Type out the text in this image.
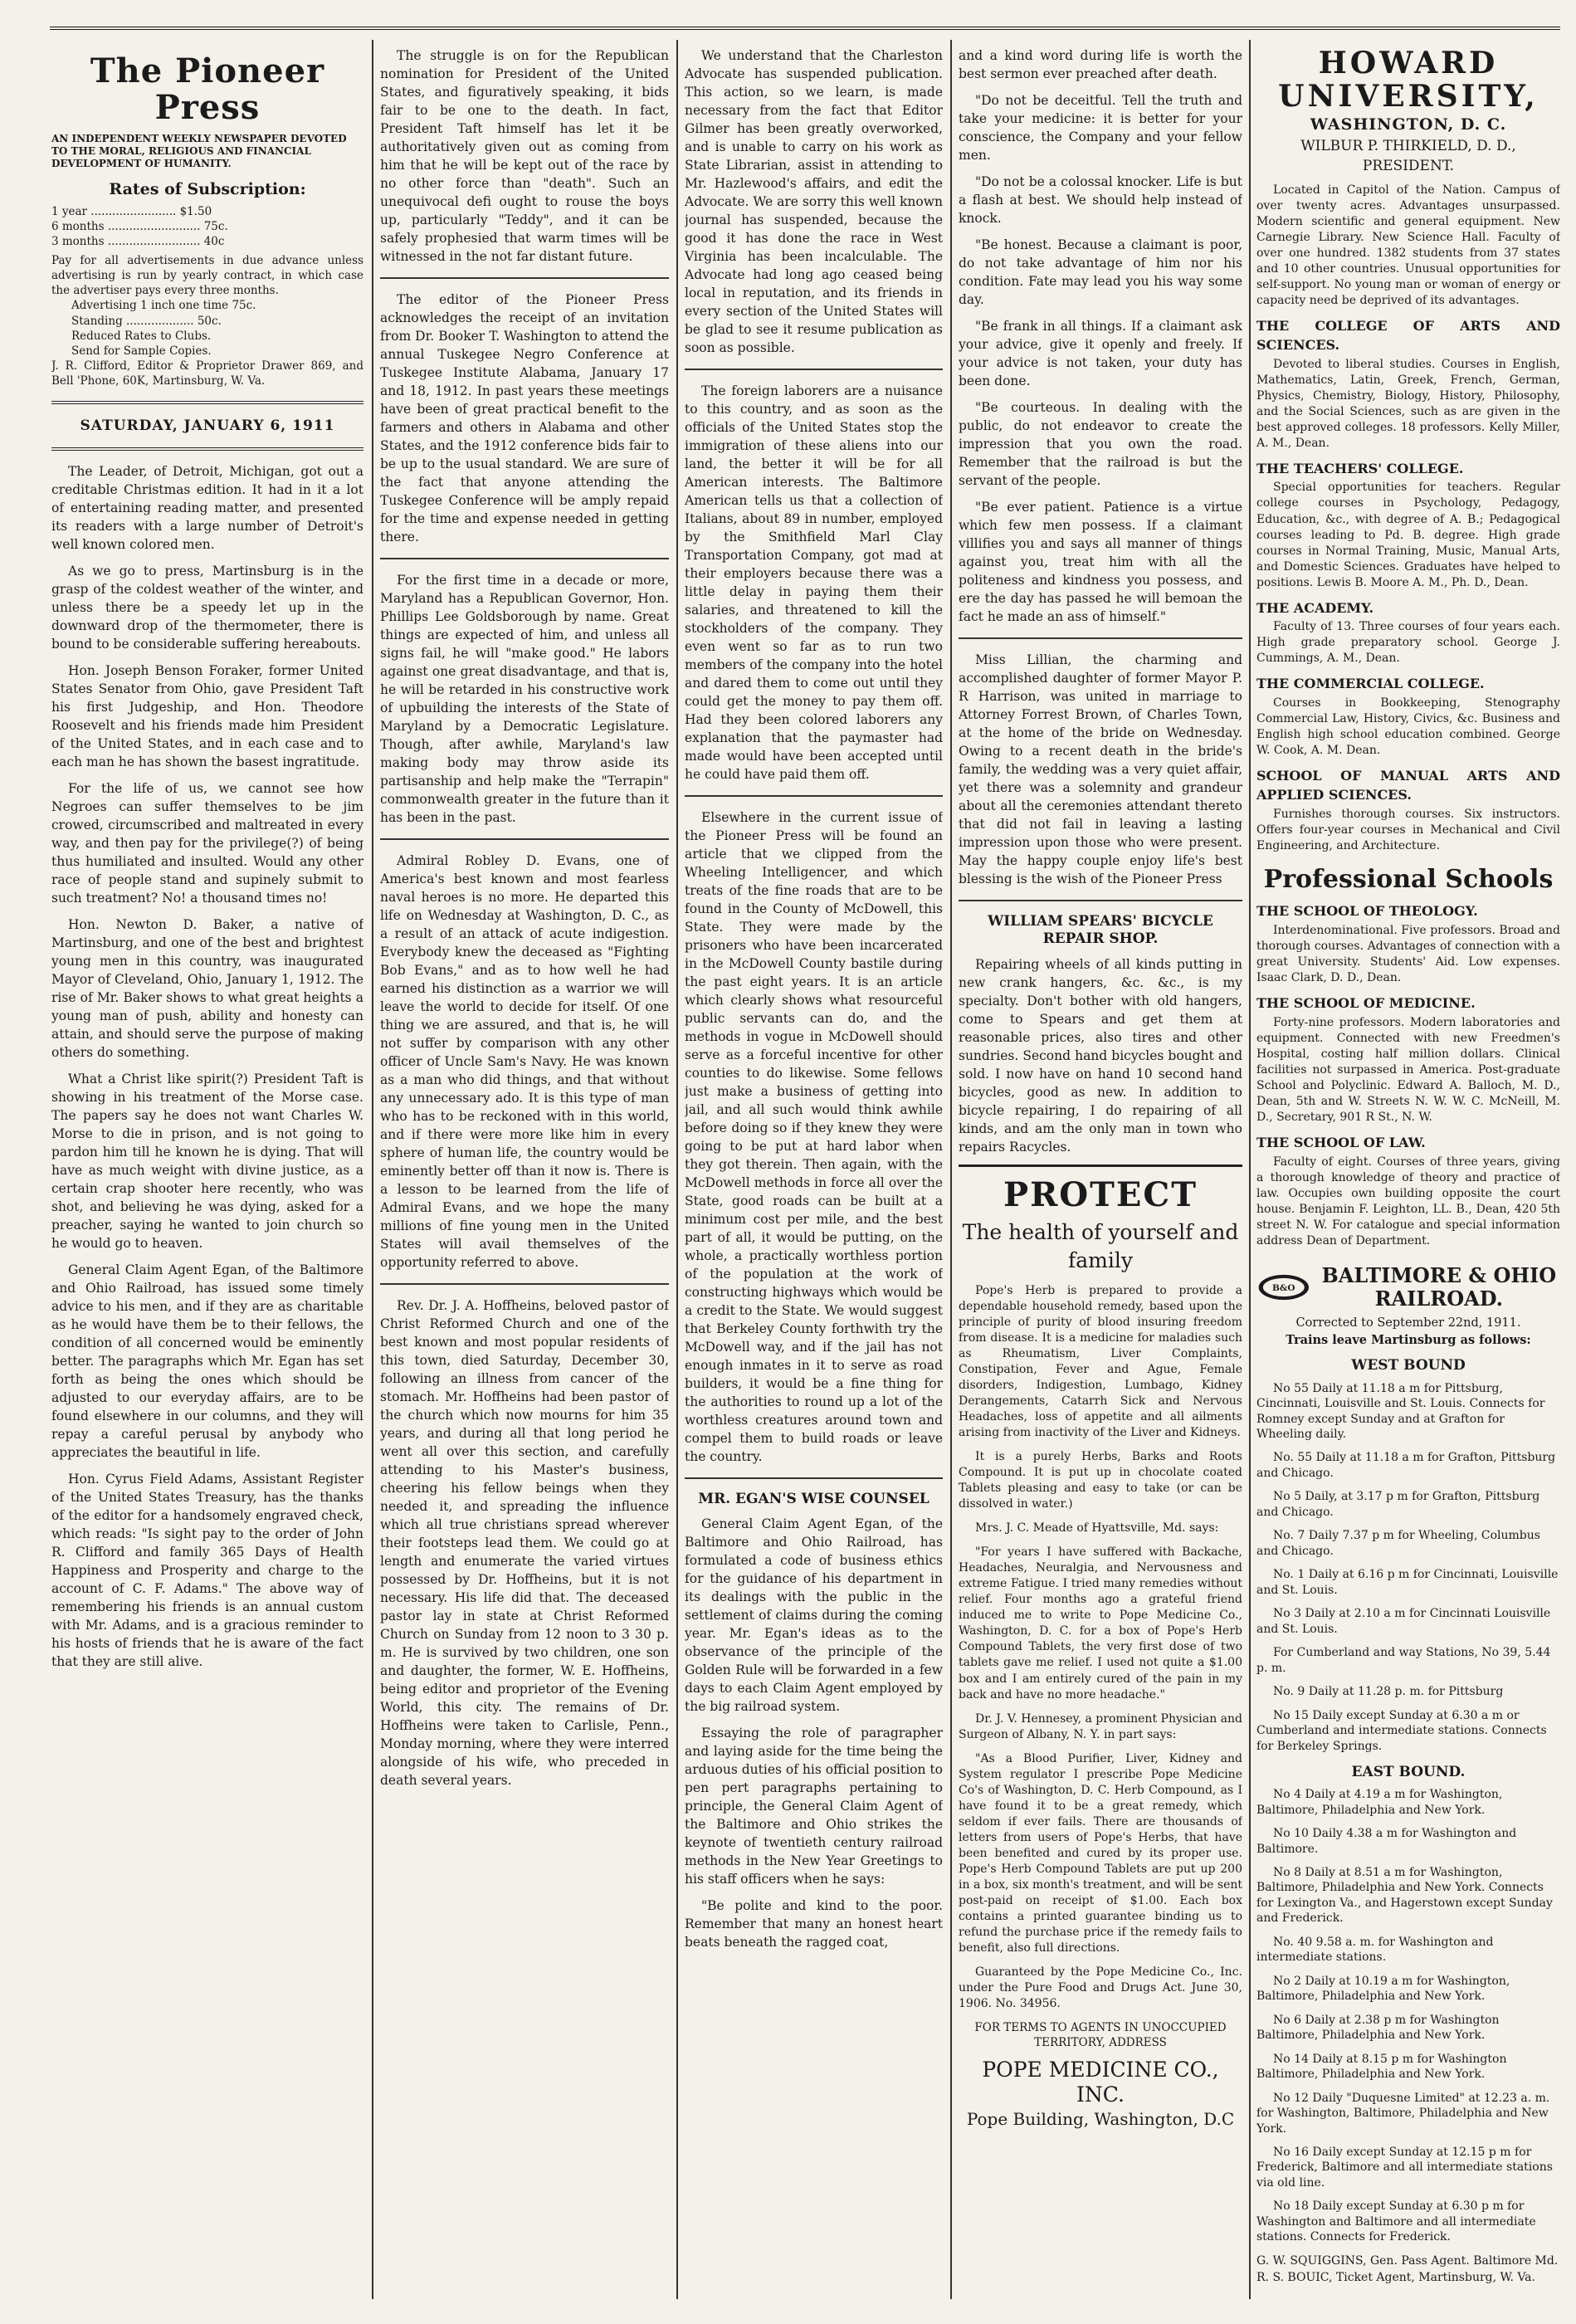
The Pioneer Press
AN INDEPENDENT WEEKLY NEWSPAPER DEVOTED TO THE MORAL, RELIGIOUS AND FINANCIAL DEVELOPMENT OF HUMANITY.
Rates of Subscription:
1 year ........................ $1.50
6 months .......................... 75c.
3 months .......................... 40c
Pay for all advertisements in due advance unless advertising is run by yearly contract, in which case the advertiser pays every three months.
Advertising 1 inch one time 75c.
Standing ................... 50c.
Reduced Rates to Clubs.
Send for Sample Copies.
J. R. Clifford, Editor & Proprietor Drawer 869, and Bell 'Phone, 60K, Martinsburg, W. Va.
SATURDAY, JANUARY 6, 1911

The Leader, of Detroit, Michigan, got out a creditable Christmas edition. It had in it a lot of entertaining reading matter, and presented its readers with a large number of Detroit's well known colored men.

As we go to press, Martinsburg is in the grasp of the coldest weather of the winter, and unless there be a speedy let up in the downward drop of the thermometer, there is bound to be considerable suffering hereabouts.

Hon. Joseph Benson Foraker, former United States Senator from Ohio, gave President Taft his first Judgeship, and Hon. Theodore Roosevelt and his friends made him President of the United States, and in each case and to each man he has shown the basest ingratitude.

For the life of us, we cannot see how Negroes can suffer themselves to be jim crowed, circumscribed and maltreated in every way, and then pay for the privilege(?) of being thus humiliated and insulted. Would any other race of people stand and supinely submit to such treatment? No! a thousand times no!

Hon. Newton D. Baker, a native of Martinsburg, and one of the best and brightest young men in this country, was inaugurated Mayor of Cleveland, Ohio, January 1, 1912. The rise of Mr. Baker shows to what great heights a young man of push, ability and honesty can attain, and should serve the purpose of making others do something.

What a Christ like spirit(?) President Taft is showing in his treatment of the Morse case. The papers say he does not want Charles W. Morse to die in prison, and is not going to pardon him till he known he is dying. That will have as much weight with divine justice, as a certain crap shooter here recently, who was shot, and believing he was dying, asked for a preacher, saying he wanted to join church so he would go to heaven.

General Claim Agent Egan, of the Baltimore and Ohio Railroad, has issued some timely advice to his men, and if they are as charitable as he would have them be to their fellows, the condition of all concerned would be eminently better. The paragraphs which Mr. Egan has set forth as being the ones which should be adjusted to our everyday affairs, are to be found elsewhere in our columns, and they will repay a careful perusal by anybody who appreciates the beautiful in life.

Hon. Cyrus Field Adams, Assistant Register of the United States Treasury, has the thanks of the editor for a handsomely engraved check, which reads: "Is sight pay to the order of John R. Clifford and family 365 Days of Health Happiness and Prosperity and charge to the account of C. F. Adams." The above way of remembering his friends is an annual custom with Mr. Adams, and is a gracious reminder to his hosts of friends that he is aware of the fact that they are still alive.

The struggle is on for the Republican nomination for President of the United States, and figuratively speaking, it bids fair to be one to the death. In fact, President Taft himself has let it be authoritatively given out as coming from him that he will be kept out of the race by no other force than "death". Such an unequivocal defi ought to rouse the boys up, particularly "Teddy", and it can be safely prophesied that warm times will be witnessed in the not far distant future.

The editor of the Pioneer Press acknowledges the receipt of an invitation from Dr. Booker T. Washington to attend the annual Tuskegee Negro Conference at Tuskegee Institute Alabama, January 17 and 18, 1912. In past years these meetings have been of great practical benefit to the farmers and others in Alabama and other States, and the 1912 conference bids fair to be up to the usual standard. We are sure of the fact that anyone attending the Tuskegee Conference will be amply repaid for the time and expense needed in getting there.

For the first time in a decade or more, Maryland has a Republican Governor, Hon. Phillips Lee Goldsborough by name. Great things are expected of him, and unless all signs fail, he will "make good." He labors against one great disadvantage, and that is, he will be retarded in his constructive work of upbuilding the interests of the State of Maryland by a Democratic Legislature. Though, after awhile, Maryland's law making body may throw aside its partisanship and help make the "Terrapin" commonwealth greater in the future than it has been in the past.

Admiral Robley D. Evans, one of America's best known and most fearless naval heroes is no more. He departed this life on Wednesday at Washington, D. C., as a result of an attack of acute indigestion. Everybody knew the deceased as "Fighting Bob Evans," and as to how well he had earned his distinction as a warrior we will leave the world to decide for itself. Of one thing we are assured, and that is, he will not suffer by comparison with any other officer of Uncle Sam's Navy. He was known as a man who did things, and that without any unnecessary ado. It is this type of man who has to be reckoned with in this world, and if there were more like him in every sphere of human life, the country would be eminently better off than it now is. There is a lesson to be learned from the life of Admiral Evans, and we hope the many millions of fine young men in the United States will avail themselves of the opportunity referred to above.

Rev. Dr. J. A. Hoffheins, beloved pastor of Christ Reformed Church and one of the best known and most popular residents of this town, died Saturday, December 30, following an illness from cancer of the stomach. Mr. Hoffheins had been pastor of the church which now mourns for him 35 years, and during all that long period he went all over this section, and carefully attending to his Master's business, cheering his fellow beings when they needed it, and spreading the influence which all true christians spread wherever their footsteps lead them. We could go at length and enumerate the varied virtues possessed by Dr. Hoffheins, but it is not necessary. His life did that. The deceased pastor lay in state at Christ Reformed Church on Sunday from 12 noon to 3 30 p. m. He is survived by two children, one son and daughter, the former, W. E. Hoffheins, being editor and proprietor of the Evening World, this city. The remains of Dr. Hoffheins were taken to Carlisle, Penn., Monday morning, where they were interred alongside of his wife, who preceded in death several years.

We understand that the Charleston Advocate has suspended publication. This action, so we learn, is made necessary from the fact that Editor Gilmer has been greatly overworked, and is unable to carry on his work as State Librarian, assist in attending to Mr. Hazlewood's affairs, and edit the Advocate. We are sorry this well known journal has suspended, because the good it has done the race in West Virginia has been incalculable. The Advocate had long ago ceased being local in reputation, and its friends in every section of the United States will be glad to see it resume publication as soon as possible.

The foreign laborers are a nuisance to this country, and as soon as the officials of the United States stop the immigration of these aliens into our land, the better it will be for all American interests. The Baltimore American tells us that a collection of Italians, about 89 in number, employed by the Smithfield Marl Clay Transportation Company, got mad at their employers because there was a little delay in paying them their salaries, and threatened to kill the stockholders of the company. They even went so far as to run two members of the company into the hotel and dared them to come out until they could get the money to pay them off. Had they been colored laborers any explanation that the paymaster had made would have been accepted until he could have paid them off.

Elsewhere in the current issue of the Pioneer Press will be found an article that we clipped from the Wheeling Intelligencer, and which treats of the fine roads that are to be found in the County of McDowell, this State. They were made by the prisoners who have been incarcerated in the McDowell County bastile during the past eight years. It is an article which clearly shows what resourceful public servants can do, and the methods in vogue in McDowell should serve as a forceful incentive for other counties to do likewise. Some fellows just make a business of getting into jail, and all such would think awhile before doing so if they knew they were going to be put at hard labor when they got therein. Then again, with the McDowell methods in force all over the State, good roads can be built at a minimum cost per mile, and the best part of all, it would be putting, on the whole, a practically worthless portion of the population at the work of constructing highways which would be a credit to the State. We would suggest that Berkeley County forthwith try the McDowell way, and if the jail has not enough inmates in it to serve as road builders, it would be a fine thing for the authorities to round up a lot of the worthless creatures around town and compel them to build roads or leave the country.

MR. EGAN'S WISE COUNSEL

General Claim Agent Egan, of the Baltimore and Ohio Railroad, has formulated a code of business ethics for the guidance of his department in its dealings with the public in the settlement of claims during the coming year. Mr. Egan's ideas as to the observance of the principle of the Golden Rule will be forwarded in a few days to each Claim Agent employed by the big railroad system.

Essaying the role of paragrapher and laying aside for the time being the arduous duties of his official position to pen pert paragraphs pertaining to principle, the General Claim Agent of the Baltimore and Ohio strikes the keynote of twentieth century railroad methods in the New Year Greetings to his staff officers when he says:

"Be polite and kind to the poor. Remember that many an honest heart beats beneath the ragged coat,

and a kind word during life is worth the best sermon ever preached after death.

"Do not be deceitful. Tell the truth and take your medicine: it is better for your conscience, the Company and your fellow men.

"Do not be a colossal knocker. Life is but a flash at best. We should help instead of knock.

"Be honest. Because a claimant is poor, do not take advantage of him nor his condition. Fate may lead you his way some day.

"Be frank in all things. If a claimant ask your advice, give it openly and freely. If your advice is not taken, your duty has been done.

"Be courteous. In dealing with the public, do not endeavor to create the impression that you own the road. Remember that the railroad is but the servant of the people.

"Be ever patient. Patience is a virtue which few men possess. If a claimant villifies you and says all manner of things against you, treat him with all the politeness and kindness you possess, and ere the day has passed he will bemoan the fact he made an ass of himself."

Miss Lillian, the charming and accomplished daughter of former Mayor P. R Harrison, was united in marriage to Attorney Forrest Brown, of Charles Town, at the home of the bride on Wednesday. Owing to a recent death in the bride's family, the wedding was a very quiet affair, yet there was a solemnity and grandeur about all the ceremonies attendant thereto that did not fail in leaving a lasting impression upon those who were present. May the happy couple enjoy life's best blessing is the wish of the Pioneer Press

WILLIAM SPEARS' BICYCLE REPAIR SHOP.

Repairing wheels of all kinds putting in new crank hangers, &c. &c., is my specialty. Don't bother with old hangers, come to Spears and get them at reasonable prices, also tires and other sundries. Second hand bicycles bought and sold. I now have on hand 10 second hand bicycles, good as new. In addition to bicycle repairing, I do repairing of all kinds, and am the only man in town who repairs Racycles.

PROTECT
The health of yourself and family

Pope's Herb is prepared to provide a dependable household remedy, based upon the principle of purity of blood insuring freedom from disease. It is a medicine for maladies such as Rheumatism, Liver Complaints, Constipation, Fever and Ague, Female disorders, Indigestion, Lumbago, Kidney Derangements, Catarrh Sick and Nervous Headaches, loss of appetite and all ailments arising from inactivity of the Liver and Kidneys.

It is a purely Herbs, Barks and Roots Compound. It is put up in chocolate coated Tablets pleasing and easy to take (or can be dissolved in water.)

Mrs. J. C. Meade of Hyattsville, Md. says:

"For years I have suffered with Backache, Headaches, Neuralgia, and Nervousness and extreme Fatigue. I tried many remedies without relief. Four months ago a grateful friend induced me to write to Pope Medicine Co., Washington, D. C. for a box of Pope's Herb Compound Tablets, the very first dose of two tablets gave me relief. I used not quite a $1.00 box and I am entirely cured of the pain in my back and have no more headache."

Dr. J. V. Hennesey, a prominent Physician and Surgeon of Albany, N. Y. in part says:

"As a Blood Purifier, Liver, Kidney and System regulator I prescribe Pope Medicine Co's of Washington, D. C. Herb Compound, as I have found it to be a great remedy, which seldom if ever fails. There are thousands of letters from users of Pope's Herbs, that have been benefited and cured by its proper use. Pope's Herb Compound Tablets are put up 200 in a box, six month's treatment, and will be sent post-paid on receipt of $1.00. Each box contains a printed guarantee binding us to refund the purchase price if the remedy fails to benefit, also full directions.

Guaranteed by the Pope Medicine Co., Inc. under the Pure Food and Drugs Act. June 30, 1906. No. 34956.

FOR TERMS TO AGENTS IN UNOCCUPIED TERRITORY, ADDRESS
POPE MEDICINE CO., INC.
Pope Building, Washington, D.C
HOWARD UNIVERSITY,
WASHINGTON, D. C.
WILBUR P. THIRKIELD, D. D., PRESIDENT.

Located in Capitol of the Nation. Campus of over twenty acres. Advantages unsurpassed. Modern scientific and general equipment. New Carnegie Library. New Science Hall. Faculty of over one hundred. 1382 students from 37 states and 10 other countries. Unusual opportunities for self-support. No young man or woman of energy or capacity need be deprived of its advantages.

THE COLLEGE OF ARTS AND SCIENCES.

Devoted to liberal studies. Courses in English, Mathematics, Latin, Greek, French, German, Physics, Chemistry, Biology, History, Philosophy, and the Social Sciences, such as are given in the best approved colleges. 18 professors. Kelly Miller, A. M., Dean.

THE TEACHERS' COLLEGE.

Special opportunities for teachers. Regular college courses in Psychology, Pedagogy, Education, &c., with degree of A. B.; Pedagogical courses leading to Pd. B. degree. High grade courses in Normal Training, Music, Manual Arts, and Domestic Sciences. Graduates have helped to positions. Lewis B. Moore A. M., Ph. D., Dean.

THE ACADEMY.

Faculty of 13. Three courses of four years each. High grade preparatory school. George J. Cummings, A. M., Dean.

THE COMMERCIAL COLLEGE.

Courses in Bookkeeping, Stenography Commercial Law, History, Civics, &c. Business and English high school education combined. George W. Cook, A. M. Dean.

SCHOOL OF MANUAL ARTS AND APPLIED SCIENCES.

Furnishes thorough courses. Six instructors. Offers four-year courses in Mechanical and Civil Engineering, and Architecture.

Professional Schools
THE SCHOOL OF THEOLOGY.

Interdenominational. Five professors. Broad and thorough courses. Advantages of connection with a great University. Students' Aid. Low expenses. Isaac Clark, D. D., Dean.

THE SCHOOL OF MEDICINE.

Forty-nine professors. Modern laboratories and equipment. Connected with new Freedmen's Hospital, costing half million dollars. Clinical facilities not surpassed in America. Post-graduate School and Polyclinic. Edward A. Balloch, M. D., Dean, 5th and W. Streets N. W. W. C. McNeill, M. D., Secretary, 901 R St., N. W.

THE SCHOOL OF LAW.

Faculty of eight. Courses of three years, giving a thorough knowledge of theory and practice of law. Occupies own building opposite the court house. Benjamin F. Leighton, LL. B., Dean, 420 5th street N. W. For catalogue and special information address Dean of Department.

B&O
BALTIMORE & OHIO RAILROAD.
Corrected to September 22nd, 1911.
Trains leave Martinsburg as follows:
WEST BOUND

No 55 Daily at 11.18 a m for Pittsburg, Cincinnati, Louisville and St. Louis. Connects for Romney except Sunday and at Grafton for Wheeling daily.

No. 55 Daily at 11.18 a m for Grafton, Pittsburg and Chicago.

No 5 Daily, at 3.17 p m for Grafton, Pittsburg and Chicago.

No. 7 Daily 7.37 p m for Wheeling, Columbus and Chicago.

No. 1 Daily at 6.16 p m for Cincinnati, Louisville and St. Louis.

No 3 Daily at 2.10 a m for Cincinnati Louisville and St. Louis.

For Cumberland and way Stations, No 39, 5.44 p. m.

No. 9 Daily at 11.28 p. m. for Pittsburg

No 15 Daily except Sunday at 6.30 a m or Cumberland and intermediate stations. Connects for Berkeley Springs.

EAST BOUND.

No 4 Daily at 4.19 a m for Washington, Baltimore, Philadelphia and New York.

No 10 Daily 4.38 a m for Washington and Baltimore.

No 8 Daily at 8.51 a m for Washington, Baltimore, Philadelphia and New York. Connects for Lexington Va., and Hagerstown except Sunday and Frederick.

No. 40 9.58 a. m. for Washington and intermediate stations.

No 2 Daily at 10.19 a m for Washington, Baltimore, Philadelphia and New York.

No 6 Daily at 2.38 p m for Washington Baltimore, Philadelphia and New York.

No 14 Daily at 8.15 p m for Washington Baltimore, Philadelphia and New York.

No 12 Daily "Duquesne Limited" at 12.23 a. m. for Washington, Baltimore, Philadelphia and New York.

No 16 Daily except Sunday at 12.15 p m for Frederick, Baltimore and all intermediate stations via old line.

No 18 Daily except Sunday at 6.30 p m for Washington and Baltimore and all intermediate stations. Connects for Frederick.

G. W. SQUIGGINS, Gen. Pass Agent. Baltimore Md.
R. S. BOUIC, Ticket Agent, Martinsburg, W. Va.
